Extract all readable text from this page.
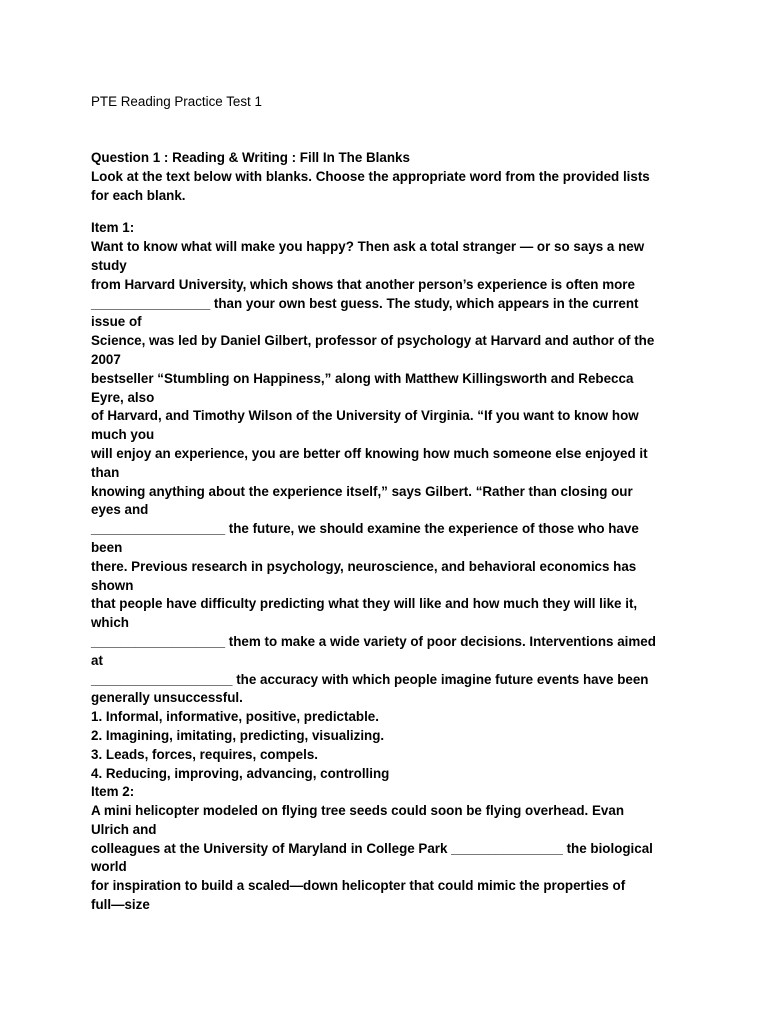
PTE Reading Practice Test 1
Question 1 : Reading & Writing : Fill In The Blanks
Look at the text below with blanks. Choose the appropriate word from the provided lists
for each blank.
Item 1:
Want to know what will make you happy? Then ask a total stranger — or so says a new
study
from Harvard University, which shows that another person’s experience is often more
________________ than your own best guess. The study, which appears in the current
issue of
Science, was led by Daniel Gilbert, professor of psychology at Harvard and author of the
2007
bestseller “Stumbling on Happiness,” along with Matthew Killingsworth and Rebecca
Eyre, also
of Harvard, and Timothy Wilson of the University of Virginia. “If you want to know how
much you
will enjoy an experience, you are better off knowing how much someone else enjoyed it
than
knowing anything about the experience itself,” says Gilbert. “Rather than closing our
eyes and
__________________ the future, we should examine the experience of those who have
been
there. Previous research in psychology, neuroscience, and behavioral economics has
shown
that people have difficulty predicting what they will like and how much they will like it,
which
__________________ them to make a wide variety of poor decisions. Interventions aimed
at
___________________ the accuracy with which people imagine future events have been
generally unsuccessful.
1. Informal, informative, positive, predictable.
2. Imagining, imitating, predicting, visualizing.
3. Leads, forces, requires, compels.
4. Reducing, improving, advancing, controlling
Item 2:
A mini helicopter modeled on flying tree seeds could soon be flying overhead. Evan
Ulrich and
colleagues at the University of Maryland in College Park _______________ the biological
world
for inspiration to build a scaled—down helicopter that could mimic the properties of
full—size
